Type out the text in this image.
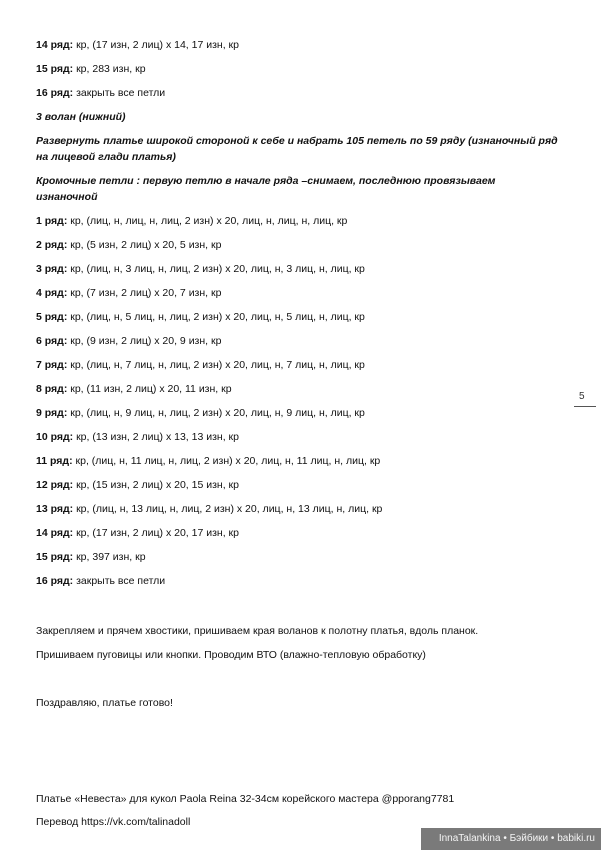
14 ряд: кр, (17 изн, 2 лиц) х 14, 17 изн, кр
15 ряд: кр, 283 изн, кр
16 ряд: закрыть все петли
3 волан (нижний)
Развернуть платье широкой стороной к себе и набрать 105 петель по 59 ряду (изнаночный ряд
на лицевой глади платья)
Кромочные петли : первую петлю в начале ряда –снимаем, последнюю провязываем
изнаночной
1 ряд: кр, (лиц, н, лиц, н, лиц, 2 изн) х 20, лиц, н, лиц, н, лиц, кр
2 ряд: кр, (5 изн, 2 лиц) х 20, 5 изн, кр
3 ряд: кр, (лиц, н, 3 лиц, н, лиц, 2 изн) х 20, лиц, н, 3 лиц, н, лиц, кр
4 ряд: кр, (7 изн, 2 лиц) х 20, 7 изн, кр
5 ряд: кр, (лиц, н, 5 лиц, н, лиц, 2 изн) х 20, лиц, н, 5 лиц, н, лиц, кр
6 ряд: кр, (9 изн, 2 лиц) х 20, 9 изн, кр
7 ряд: кр, (лиц, н, 7 лиц, н, лиц, 2 изн) х 20, лиц, н, 7 лиц, н, лиц, кр
8 ряд: кр, (11 изн, 2 лиц) х 20, 11 изн, кр
9 ряд: кр, (лиц, н, 9 лиц, н, лиц, 2 изн) х 20, лиц, н, 9 лиц, н, лиц, кр
10 ряд: кр, (13 изн, 2 лиц) х 13, 13 изн, кр
11 ряд: кр, (лиц, н, 11 лиц, н, лиц, 2 изн) х 20, лиц, н, 11 лиц, н, лиц, кр
12 ряд: кр, (15 изн, 2 лиц) х 20, 15 изн, кр
13 ряд: кр, (лиц, н, 13 лиц, н, лиц, 2 изн) х 20, лиц, н, 13 лиц, н, лиц, кр
14 ряд: кр, (17 изн, 2 лиц) х 20, 17 изн, кр
15 ряд: кр, 397 изн, кр
16 ряд: закрыть все петли
Закрепляем и прячем хвостики, пришиваем края воланов к полотну платья, вдоль планок.
Пришиваем пуговицы или кнопки. Проводим ВТО (влажно-тепловую обработку)
Поздравляю, платье готово!
Платье «Невеста» для кукол Paola Reina 32-34см корейского мастера @pporang7781
Перевод https://vk.com/talinadoll
5
InnaTalankina • Бэйбики • babiki.ru
